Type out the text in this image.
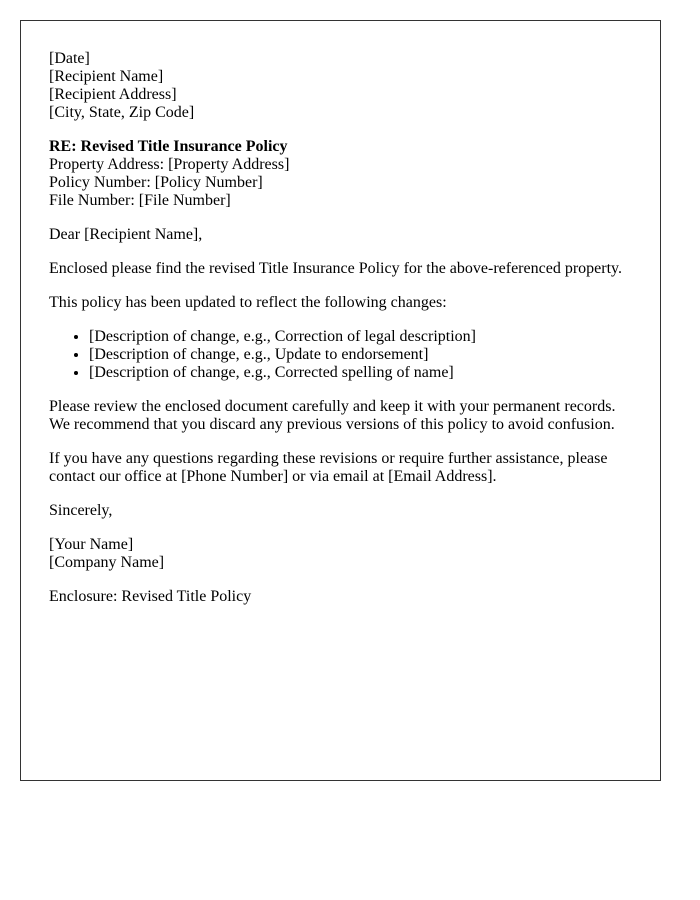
[Date]
[Recipient Name]
[Recipient Address]
[City, State, Zip Code]

RE: Revised Title Insurance Policy
Property Address: [Property Address]
Policy Number: [Policy Number]
File Number: [File Number]

Dear [Recipient Name],

Enclosed please find the revised Title Insurance Policy for the above-referenced property.

This policy has been updated to reflect the following changes:

• [Description of change, e.g., Correction of legal description]
• [Description of change, e.g., Update to endorsement]
• [Description of change, e.g., Corrected spelling of name]

Please review the enclosed document carefully and keep it with your permanent records. We recommend that you discard any previous versions of this policy to avoid confusion.

If you have any questions regarding these revisions or require further assistance, please contact our office at [Phone Number] or via email at [Email Address].

Sincerely,

[Your Name]
[Company Name]

Enclosure: Revised Title Policy
